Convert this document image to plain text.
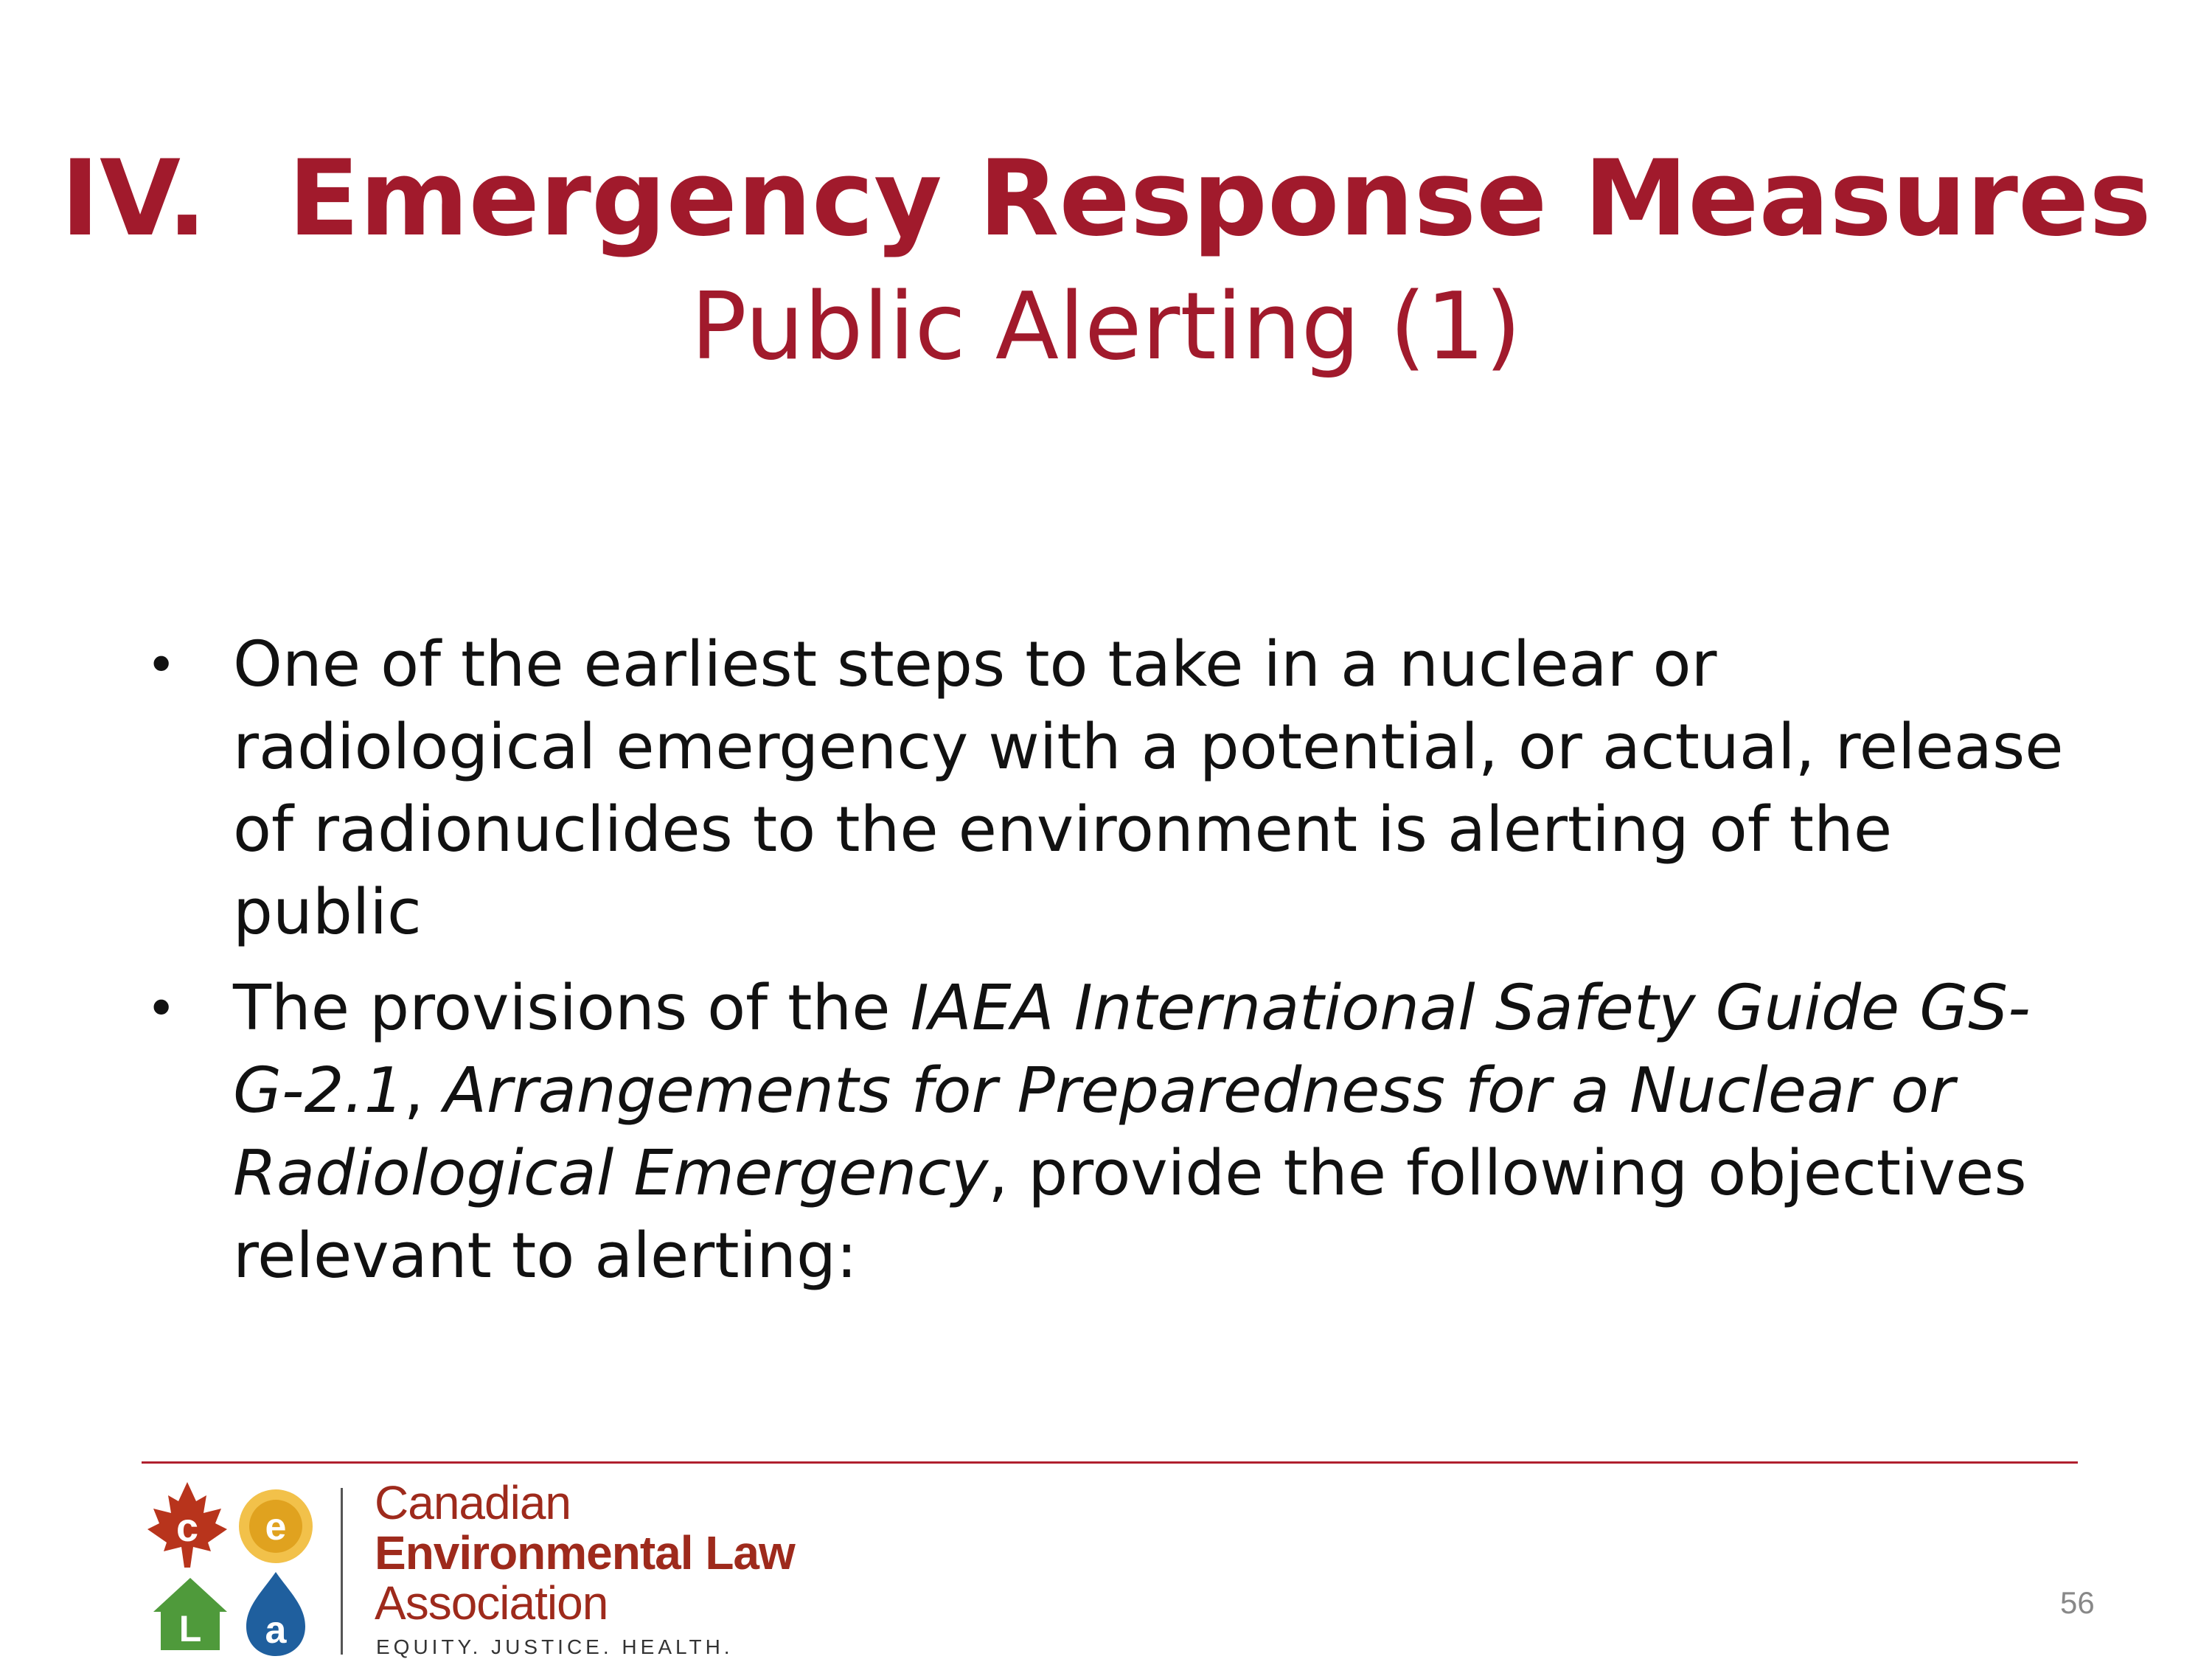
IV. Emergency Response Measures
Public Alerting (1)
• One of the earliest steps to take in a nuclear or radiological emergency with a potential, or actual, release of radionuclides to the environment is alerting of the public
• The provisions of the IAEA International Safety Guide GS-G-2.1, Arrangements for Preparedness for a Nuclear or Radiological Emergency, provide the following objectives relevant to alerting:
c e
L a
Canadian
Environmental Law
Association
EQUITY. JUSTICE. HEALTH.
56
